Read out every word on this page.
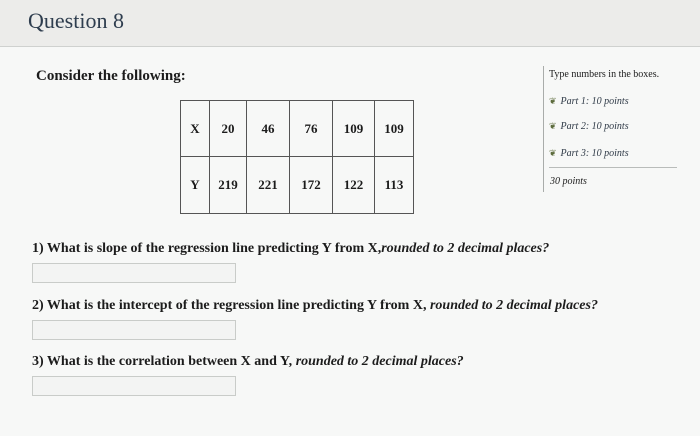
Question 8
Consider the following:
X	20	46	76	109	109
Y	219	221	172	122	113
Type numbers in the boxes.
❦ Part 1: 10 points
❦ Part 2: 10 points
❦ Part 3: 10 points
30 points
1) What is slope of the regression line predicting Y from X,rounded to 2 decimal places?
2) What is the intercept of the regression line predicting Y from X, rounded to 2 decimal places?
3) What is the correlation between X and Y, rounded to 2 decimal places?
